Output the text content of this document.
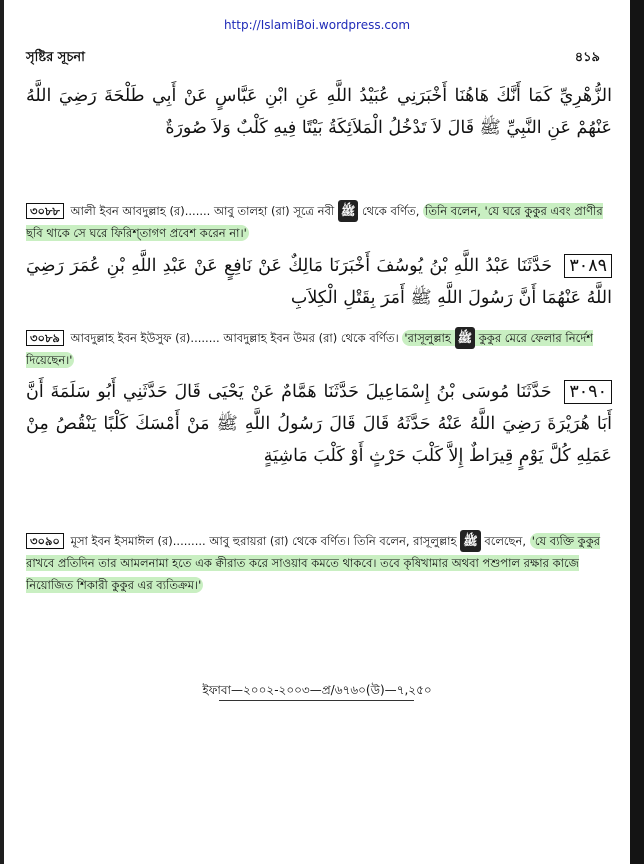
http://IslamiBoi.wordpress.com
সৃষ্টির সূচনা	৪১৯
الزُّهْرِيِّ كَمَا أَنَّكَ هَاهُنَا أَخْبَرَنِي عُبَيْدُ اللَّهِ عَنِ ابْنِ عَبَّاسٍ عَنْ أَبِي طَلْحَةَ رَضِيَ اللَّهُ عَنْهُمْ عَنِ النَّبِيِّ ﷺ قَالَ لاَ تَدْخُلُ الْمَلاَئِكَةُ بَيْتًا فِيهِ كَلْبٌ وَلاَ صُورَةٌ
৩০৮৮ আলী ইবন আবদুল্লাহ (র)....... আবু তালহা (রা) সূত্রে নবী ﷺ থেকে বর্ণিত, তিনি বলেন, 'যে ঘরে কুকুর এবং প্রাণীর ছবি থাকে সে ঘরে ফিরিশ্‌তাগণ প্রবেশ করেন না।'
٣٠٨٩ حَدَّثَنَا عَبْدُ اللَّهِ بْنُ يُوسُفَ أَخْبَرَنَا مَالِكٌ عَنْ نَافِعٍ عَنْ عَبْدِ اللَّهِ بْنِ عُمَرَ رَضِيَ اللَّهُ عَنْهُمَا أَنَّ رَسُولَ اللَّهِ ﷺ أَمَرَ بِقَتْلِ الْكِلاَبِ
৩০৮৯ আবদুল্লাহ ইবন ইউসুফ (র)........ আবদুল্লাহ ইবন উমর (রা) থেকে বর্ণিত। 'রাসূলুল্লাহ ﷺ কুকুর মেরে ফেলার নির্দেশ দিয়েছেন।'
٣٠٩٠ حَدَّثَنَا مُوسَى بْنُ إِسْمَاعِيلَ حَدَّثَنَا هَمَّامٌ عَنْ يَحْيَى قَالَ حَدَّثَنِي أَبُو سَلَمَةَ أَنَّ أَبَا هُرَيْرَةَ رَضِيَ اللَّهُ عَنْهُ حَدَّثَهُ قَالَ قَالَ رَسُولُ اللَّهِ ﷺ مَنْ أَمْسَكَ كَلْبًا يَنْقُصُ مِنْ عَمَلِهِ كُلَّ يَوْمٍ قِيرَاطٌ إِلاَّ كَلْبَ حَرْثٍ أَوْ كَلْبَ مَاشِيَةٍ
৩০৯০ মূসা ইবন ইসমাঈল (র)......... আবু হুরায়রা (রা) থেকে বর্ণিত। তিনি বলেন, রাসূলুল্লাহ ﷺ বলেছেন, 'যে ব্যক্তি কুকুর রাখবে প্রতিদিন তার আমলনামা হতে এক ক্বীরাত করে সাওয়াব কমতে থাকবে। তবে কৃষিখামার অথবা পশুপাল রক্ষার কাজে নিয়োজিত শিকারী কুকুর এর ব্যতিক্রম।'
ইফাবা—২০০২-২০০৩—প্র/৬৭৬০(উ)—৭,২৫০
